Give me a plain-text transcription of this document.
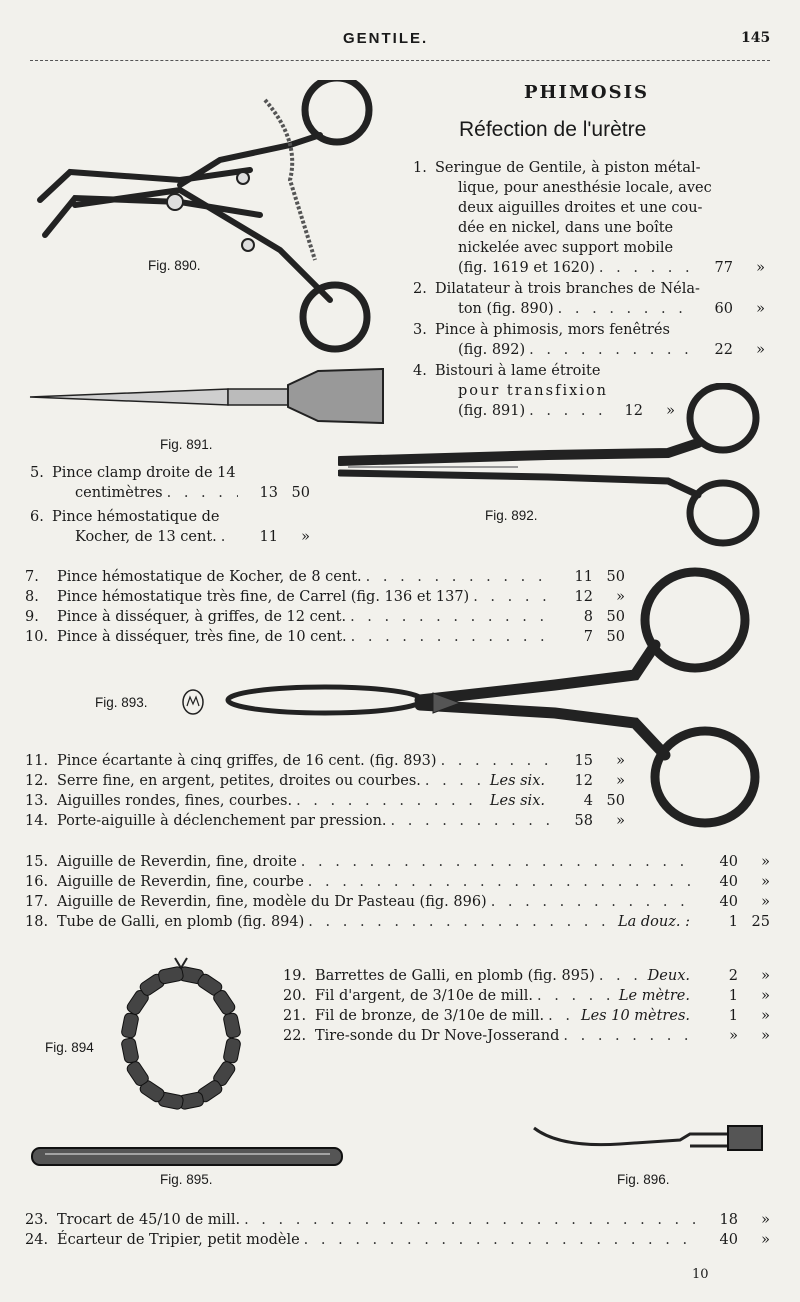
GENTILE.	145
PHIMOSIS
Réfection de l'urètre
1. Seringue de Gentile, à piston métal-
lique, pour anesthésie locale, avec
deux aiguilles droites et une cou-
dée en nickel, dans une boîte
nickelée avec support mobile
(fig. 1619 et 1620) . . .	77	»
2. Dilatateur à trois branches de Néla-
ton (fig. 890) . . .	60	»
3. Pince à phimosis, mors fenêtrés
(fig. 892) . . .	22	»
4. Bistouri à lame étroite
pour transfixion
(fig. 891) . . .	12	»
5. Pince clamp droite de 14
centimètres . . .	13 50
6. Pince hémostatique de
Kocher, de 13 cent. . . .	11	»
7.	Pince hémostatique de Kocher, de 8 cent. . . .	11 50
8.	Pince hémostatique très fine, de Carrel (fig. 136 et 137) . . .	12	»
9.	Pince à disséquer, à griffes, de 12 cent. . . .	8 50
10. Pince à disséquer, très fine, de 10 cent. . . .	7 50
11. Pince écartante à cinq griffes, de 16 cent. (fig. 893) . . .	15	»
12. Serre fine, en argent, petites, droites ou courbes. . . .	Les six.	12	»
13. Aiguilles rondes, fines, courbes. . . .	Les six.	4 50
14. Porte-aiguille à déclenchement par pression. . . .	58	»
15. Aiguille de Reverdin, fine, droite . . .	40	»
16. Aiguille de Reverdin, fine, courbe . . .	40	»
17. Aiguille de Reverdin, fine, modèle du Dr Pasteau (fig. 896) . . .	40	»
18. Tube de Galli, en plomb (fig. 894) . . .	La douz. :	1 25
19. Barrettes de Galli, en plomb (fig. 895) . . .	Deux.	2	»
20. Fil d'argent, de 3/10e de mill. . . .	Le mètre.	1	»
21. Fil de bronze, de 3/10e de mill. . . .	Les 10 mètres.	1	»
22. Tire-sonde du Dr Nove-Josserand . . .	»	»
23. Trocart de 45/10 de mill. . . .	18	»
24. Écarteur de Tripier, petit modèle . . .	40	»
Fig. 890.
Fig. 891.
Fig. 892.
Fig. 893.
Fig. 894
Fig. 895.	Fig. 896.
10
